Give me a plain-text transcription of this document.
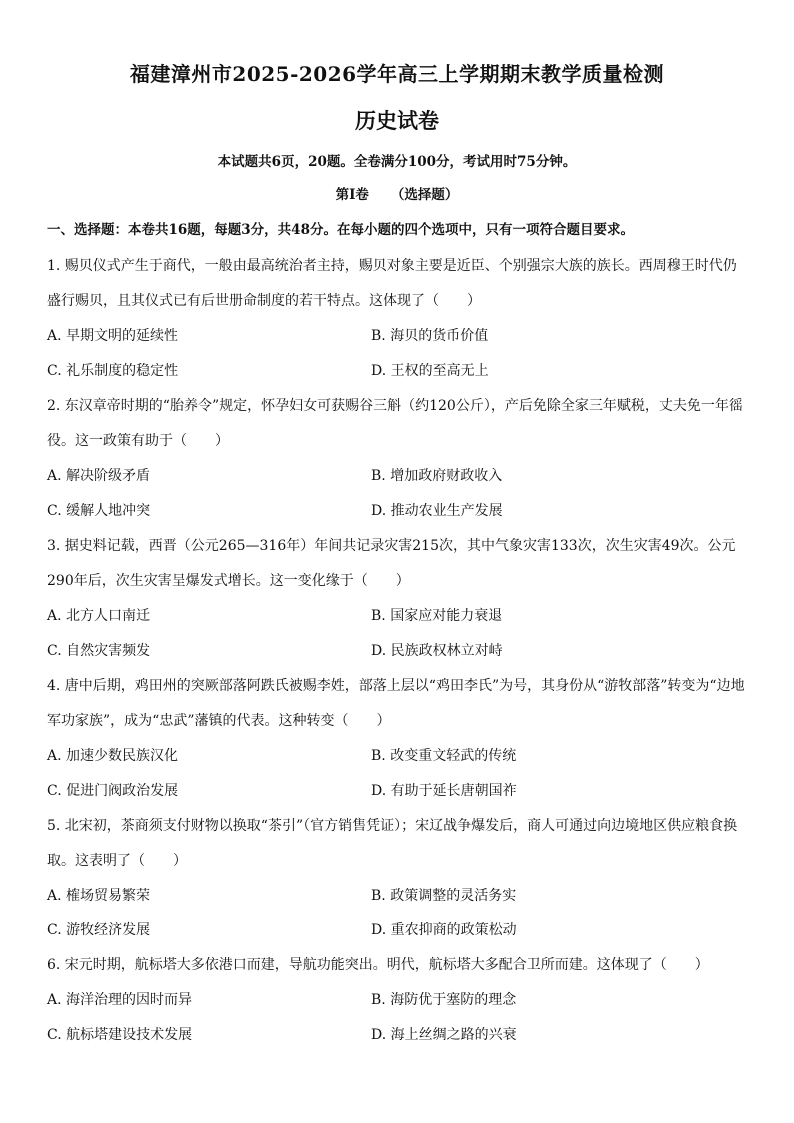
福建漳州市2025-2026学年高三上学期期末教学质量检测
历史试卷
本试题共6页，20题。全卷满分100分，考试用时75分钟。
第Ⅰ卷 （选择题）
一、选择题：本卷共16题，每题3分，共48分。在每小题的四个选项中，只有一项符合题目要求。
1. 赐贝仪式产生于商代，一般由最高统治者主持，赐贝对象主要是近臣、个别强宗大族的族长。西周穆王时代仍
盛行赐贝，且其仪式已有后世册命制度的若干特点。这体现了（　　）
A. 早期文明的延续性	B. 海贝的货币价值
C. 礼乐制度的稳定性	D. 王权的至高无上
2. 东汉章帝时期的“胎养令”规定，怀孕妇女可获赐谷三斛（约120公斤），产后免除全家三年赋税，丈夫免一年徭
役。这一政策有助于（　　）
A. 解决阶级矛盾	B. 增加政府财政收入
C. 缓解人地冲突	D. 推动农业生产发展
3. 据史料记载，西晋（公元265—316年）年间共记录灾害215次，其中气象灾害133次，次生灾害49次。公元
290年后，次生灾害呈爆发式增长。这一变化缘于（　　）
A. 北方人口南迁	B. 国家应对能力衰退
C. 自然灾害频发	D. 民族政权林立对峙
4. 唐中后期，鸡田州的突厥部落阿跌氏被赐李姓，部落上层以“鸡田李氏”为号，其身份从“游牧部落”转变为“边地
军功家族”，成为“忠武”藩镇的代表。这种转变（　　）
A. 加速少数民族汉化	B. 改变重文轻武的传统
C. 促进门阀政治发展	D. 有助于延长唐朝国祚
5. 北宋初，茶商须支付财物以换取“茶引”（官方销售凭证）；宋辽战争爆发后，商人可通过向边境地区供应粮食换
取。这表明了（　　）
A. 榷场贸易繁荣	B. 政策调整的灵活务实
C. 游牧经济发展	D. 重农抑商的政策松动
6. 宋元时期，航标塔大多依港口而建，导航功能突出。明代，航标塔大多配合卫所而建。这体现了（　　）
A. 海洋治理的因时而异	B. 海防优于塞防的理念
C. 航标塔建设技术发展	D. 海上丝绸之路的兴衰
